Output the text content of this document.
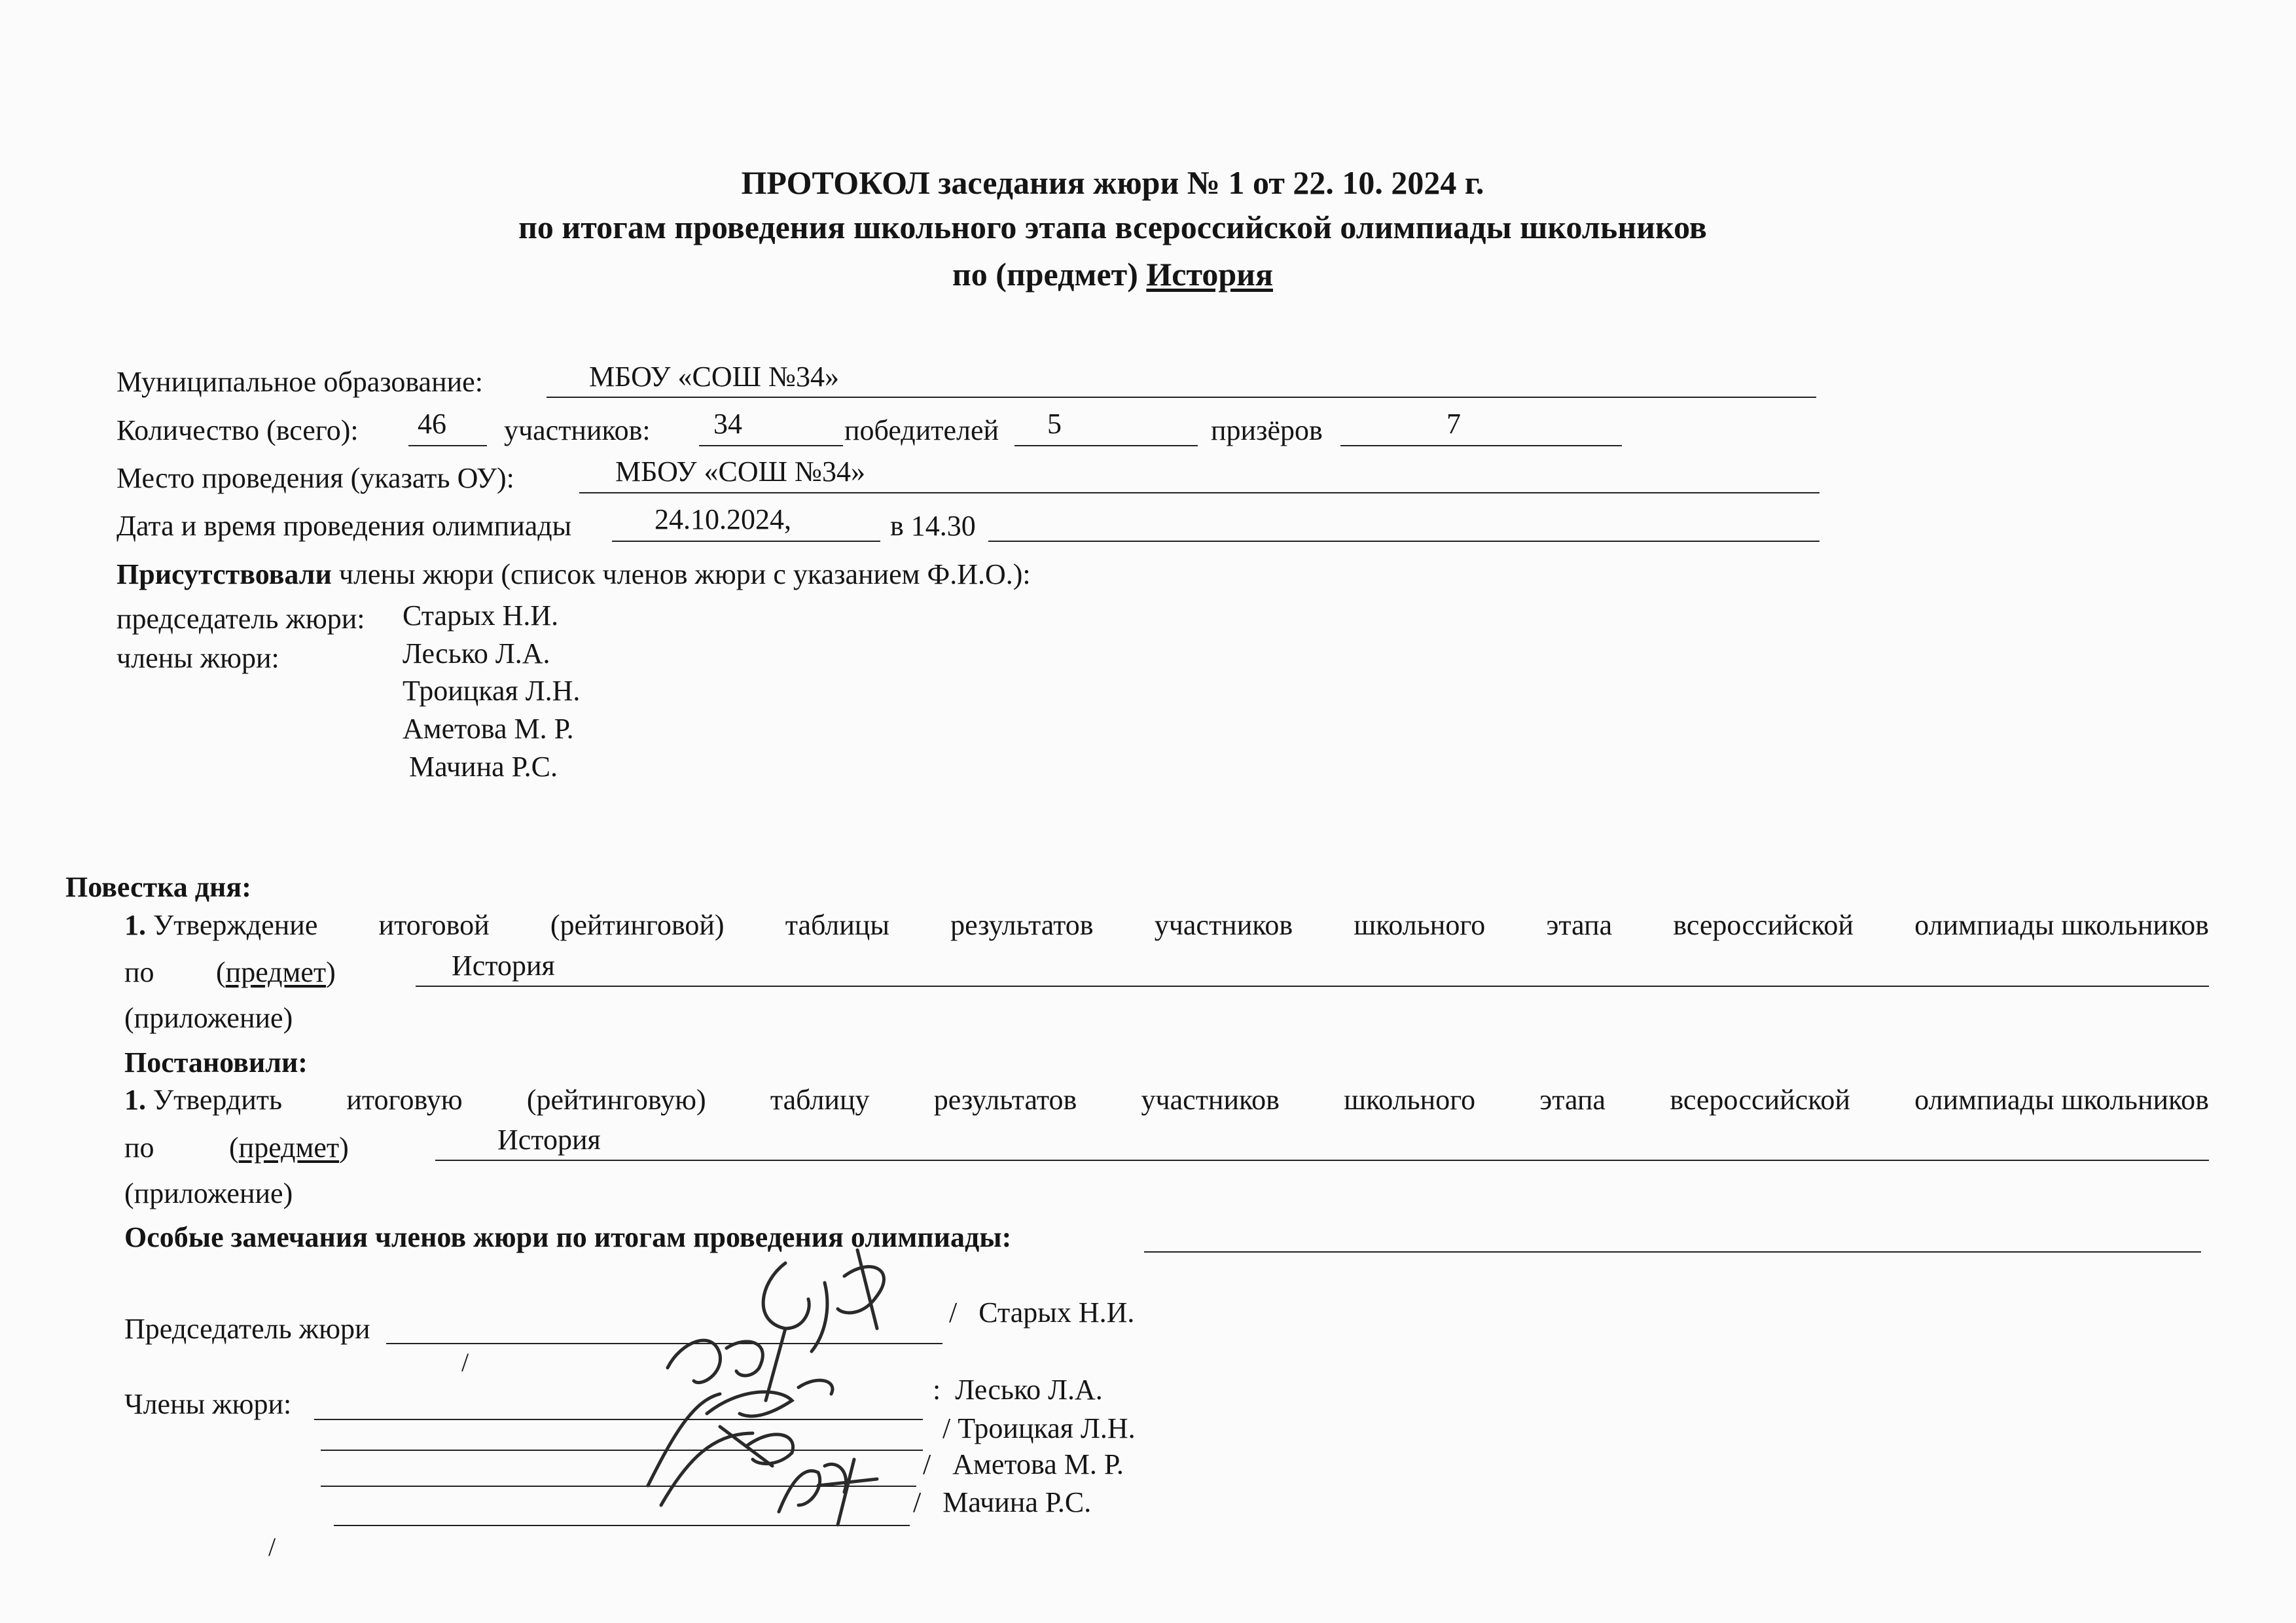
ПРОТОКОЛ заседания жюри № 1 от 22. 10. 2024 г.
по итогам проведения школьного этапа всероссийской олимпиады школьников
по (предмет) История
Муниципальное образование:	МБОУ «СОШ №34»
Количество (всего): 46 участников: 34	победителей 5	призёров	7
Место проведения (указать ОУ):	МБОУ «СОШ №34»
Дата и время проведения олимпиады	24.10.2024,	в 14.30
Присутствовали члены жюри (список членов жюри с указанием Ф.И.О.):
председатель жюри: Старых Н.И.
члены жюри:	Лесько Л.А.
Троицкая Л.Н.
Аметова М. Р.
Мачина Р.С.
Повестка дня:
1. Утверждение итоговой (рейтинговой) таблицы результатов участников школьного этапа всероссийской олимпиады школьников
по (предмет)	История
(приложение)
Постановили:
1. Утвердить итоговую (рейтинговую) таблицу результатов участников школьного этапа всероссийской олимпиады школьников
по	(предмет)	История
(приложение)
Особые замечания членов жюри по итогам проведения олимпиады:
Председатель жюри
/   Старых Н.И.
/
Члены жюри:	:  Лесько Л.А.
/ Троицкая Л.Н.
/   Аметова М. Р.
/   Мачина Р.С.
/
